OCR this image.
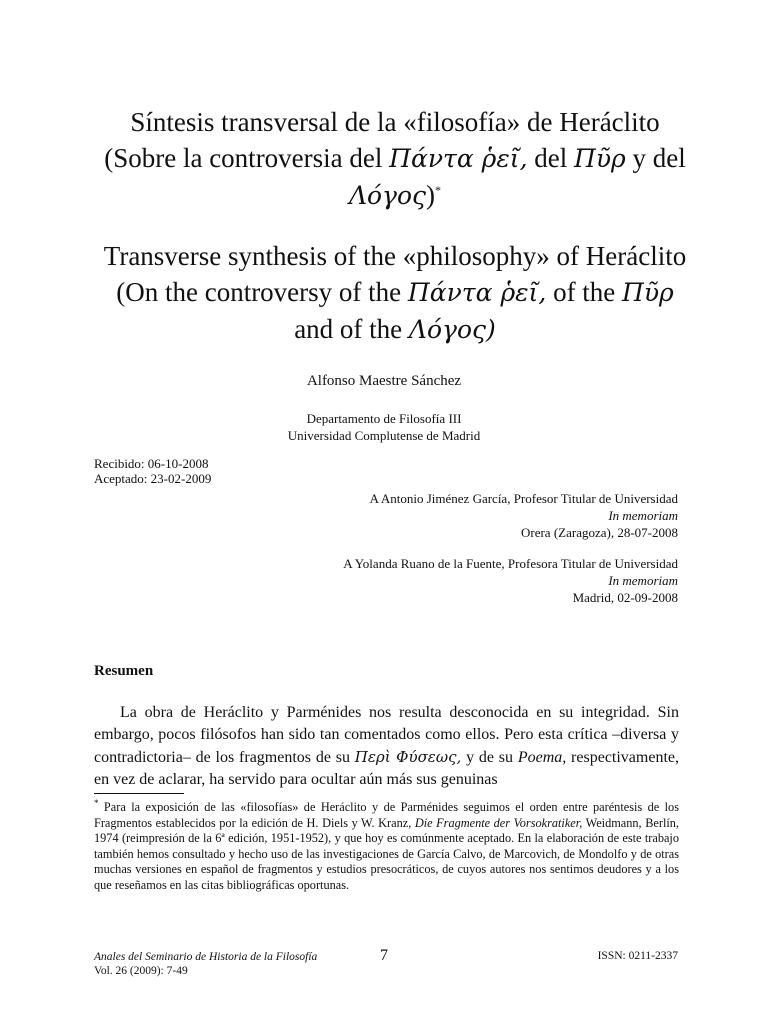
Síntesis transversal de la «filosofía» de Heráclito (Sobre la controversia del Πάντα ῥεῖ, del Πῦρ y del Λόγος)*
Transverse synthesis of the «philosophy» of Heráclito (On the controversy of the Πάντα ῥεῖ, of the Πῦρ and of the Λόγος)
Alfonso Maestre Sánchez
Departamento de Filosofía III
Universidad Complutense de Madrid
Recibido: 06-10-2008
Aceptado: 23-02-2009
A Antonio Jiménez García, Profesor Titular de Universidad
In memoriam
Orera (Zaragoza), 28-07-2008
A Yolanda Ruano de la Fuente, Profesora Titular de Universidad
In memoriam
Madrid, 02-09-2008
Resumen

La obra de Heráclito y Parménides nos resulta desconocida en su integridad. Sin embargo, pocos filósofos han sido tan comentados como ellos. Pero esta crítica –diversa y contradictoria– de los fragmentos de su Περὶ Φύσεως, y de su Poema, respectivamente, en vez de aclarar, ha servido para ocultar aún más sus genuinas

* Para la exposición de las «filosofías» de Heráclito y de Parménides seguimos el orden entre paréntesis de los Fragmentos establecidos por la edición de H. Diels y W. Kranz, Die Fragmente der Vorsokratiker, Weidmann, Berlín, 1974 (reimpresión de la 6ª edición, 1951-1952), y que hoy es comúnmente aceptado. En la elaboración de este trabajo también hemos consultado y hecho uso de las investigaciones de García Calvo, de Marcovich, de Mondolfo y de otras muchas versiones en español de fragmentos y estudios presocráticos, de cuyos autores nos sentimos deudores y a los que reseñamos en las citas bibliográficas oportunas.

Anales del Seminario de Historia de la Filosofía
Vol. 26 (2009): 7-49
7	ISSN: 0211-2337
